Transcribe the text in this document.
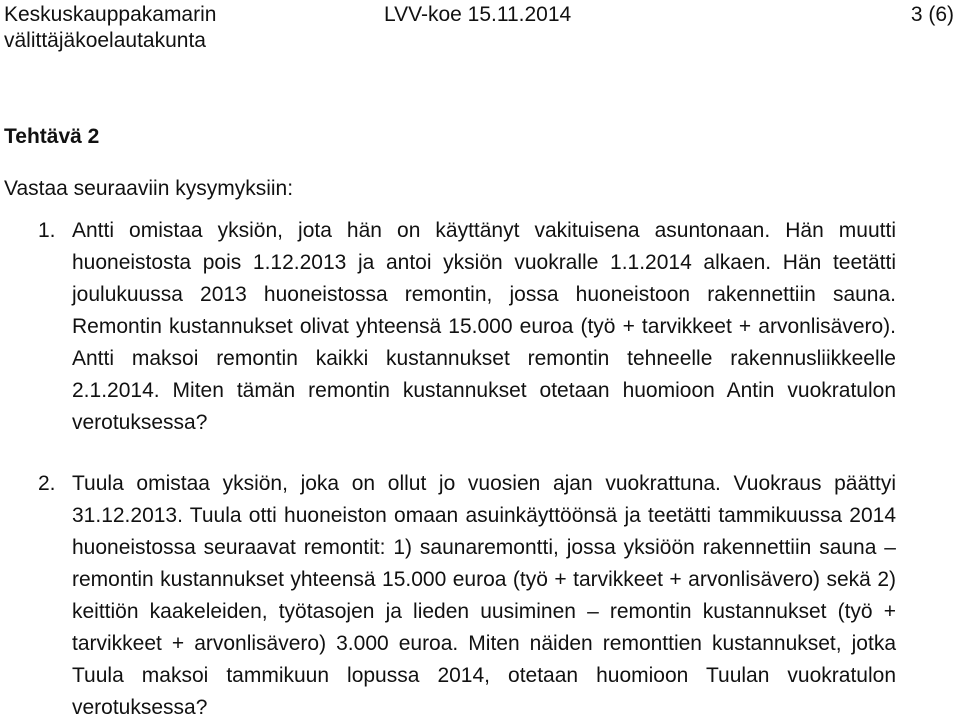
Keskuskauppakamarin
välittäjäkoelautakunta
LVV-koe 15.11.2014	3 (6)
Tehtävä 2
Vastaa seuraaviin kysymyksiin:
1. Antti omistaa yksiön, jota hän on käyttänyt vakituisena asuntonaan. Hän muutti huoneistosta pois 1.12.2013 ja antoi yksiön vuokralle 1.1.2014 alkaen. Hän teetätti joulukuussa 2013 huoneistossa remontin, jossa huoneistoon rakennettiin sauna. Remontin kustannukset olivat yhteensä 15.000 euroa (työ + tarvikkeet + arvonlisävero). Antti maksoi remontin kaikki kustannukset remontin tehneelle rakennusliikkeelle 2.1.2014. Miten tämän remontin kustannukset otetaan huomioon Antin vuokratulon verotuksessa?
2. Tuula omistaa yksiön, joka on ollut jo vuosien ajan vuokrattuna. Vuokraus päättyi 31.12.2013. Tuula otti huoneiston omaan asuinkäyttöönsä ja teetätti tammikuussa 2014 huoneistossa seuraavat remontit: 1) saunaremontti, jossa yksiöön rakennettiin sauna – remontin kustannukset yhteensä 15.000 euroa (työ + tarvikkeet + arvonlisävero) sekä 2) keittiön kaakeleiden, työtasojen ja lieden uusiminen – remontin kustannukset (työ + tarvikkeet + arvonlisävero) 3.000 euroa. Miten näiden remonttien kustannukset, jotka Tuula maksoi tammikuun lopussa 2014, otetaan huomioon Tuulan vuokratulon verotuksessa?
